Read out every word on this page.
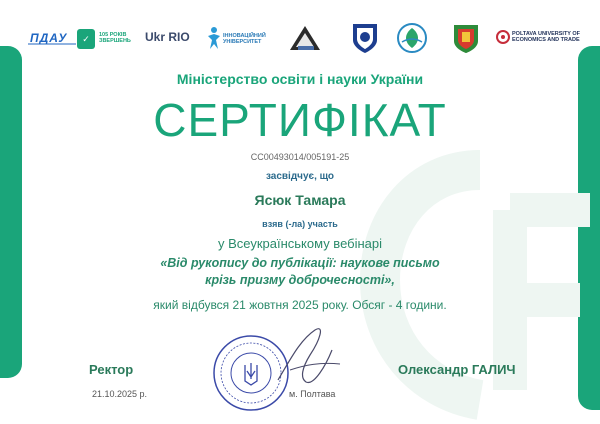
ПДАУ	✓	105 РОКІВ
ЗВЕРШЕНЬ Ukr RIO	ІННОВАЦІЙНИЙ
УНІВЕРСИТЕТ
POLTAVA UNIVERSITY OF
ECONOMICS AND TRADE
Міністерство освіти і науки України
СЕРТИФІКАТ
CC00493014/005191-25
засвідчує, що
Ясюк Тамара
взяв (-ла) участь
у Всеукраїнському вебінарі
«Від рукопису до публікації: наукове письмо
крізь призму доброчесності»,
який відбувся 21 жовтня 2025 року. Обсяг - 4 години.
Ректор
21.10.2025 р.	м. Полтава
Олександр ГАЛИЧ
